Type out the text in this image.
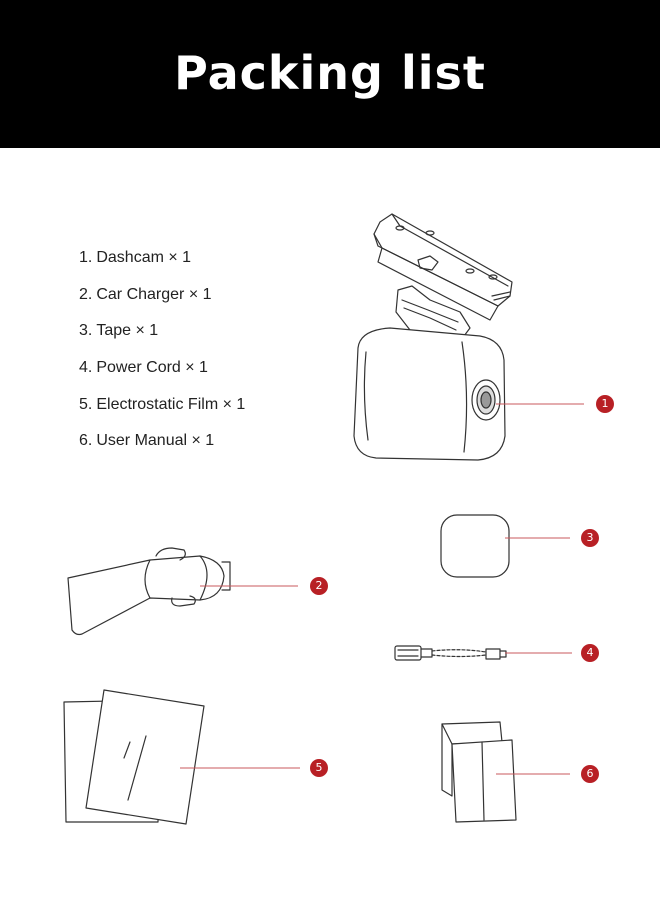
Packing list
1. Dashcam × 1
2. Car Charger × 1
3. Tape × 1
4. Power Cord × 1
5. Electrostatic Film × 1
6. User Manual × 1
1
2
3
4
5	6
